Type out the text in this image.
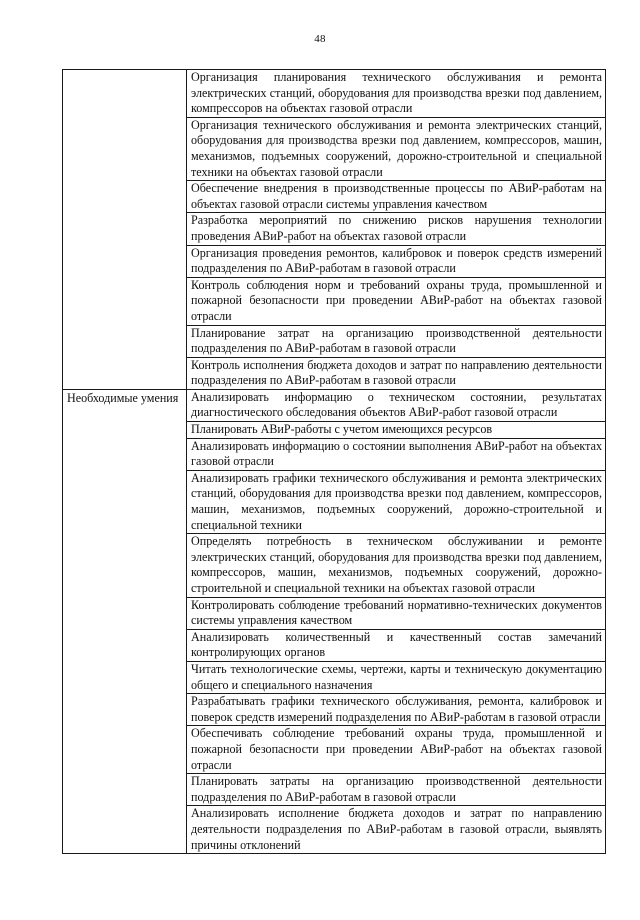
48
	Организация планирования технического обслуживания и ремонта электрических станций, оборудования для производства врезки под давлением, компрессоров на объектах газовой отрасли
	Организация технического обслуживания и ремонта электрических станций, оборудования для производства врезки под давлением, компрессоров, машин, механизмов, подъемных сооружений, дорожно-строительной и специальной техники на объектах газовой отрасли
	Обеспечение внедрения в производственные процессы по АВиР-работам на объектах газовой отрасли системы управления качеством
	Разработка мероприятий по снижению рисков нарушения технологии проведения АВиР-работ на объектах газовой отрасли
	Организация проведения ремонтов, калибровок и поверок средств измерений подразделения по АВиР-работам в газовой отрасли
	Контроль соблюдения норм и требований охраны труда, промышленной и пожарной безопасности при проведении АВиР-работ на объектах газовой отрасли
	Планирование затрат на организацию производственной деятельности подразделения по АВиР-работам в газовой отрасли
	Контроль исполнения бюджета доходов и затрат по направлению деятельности подразделения по АВиР-работам в газовой отрасли
Необходимые умения	Анализировать информацию о техническом состоянии, результатах диагностического обследования объектов АВиР-работ газовой отрасли
	Планировать АВиР-работы с учетом имеющихся ресурсов
	Анализировать информацию о состоянии выполнения АВиР-работ на объектах газовой отрасли
	Анализировать графики технического обслуживания и ремонта электрических станций, оборудования для производства врезки под давлением, компрессоров, машин, механизмов, подъемных сооружений, дорожно-строительной и специальной техники
	Определять потребность в техническом обслуживании и ремонте электрических станций, оборудования для производства врезки под давлением, компрессоров, машин, механизмов, подъемных сооружений, дорожно-строительной и специальной техники на объектах газовой отрасли
	Контролировать соблюдение требований нормативно-технических документов системы управления качеством
	Анализировать количественный и качественный состав замечаний контролирующих органов
	Читать технологические схемы, чертежи, карты и техническую документацию общего и специального назначения
	Разрабатывать графики технического обслуживания, ремонта, калибровок и поверок средств измерений подразделения по АВиР-работам в газовой отрасли
	Обеспечивать соблюдение требований охраны труда, промышленной и пожарной безопасности при проведении АВиР-работ на объектах газовой отрасли
	Планировать затраты на организацию производственной деятельности подразделения по АВиР-работам в газовой отрасли
	Анализировать исполнение бюджета доходов и затрат по направлению деятельности подразделения по АВиР-работам в газовой отрасли, выявлять причины отклонений
